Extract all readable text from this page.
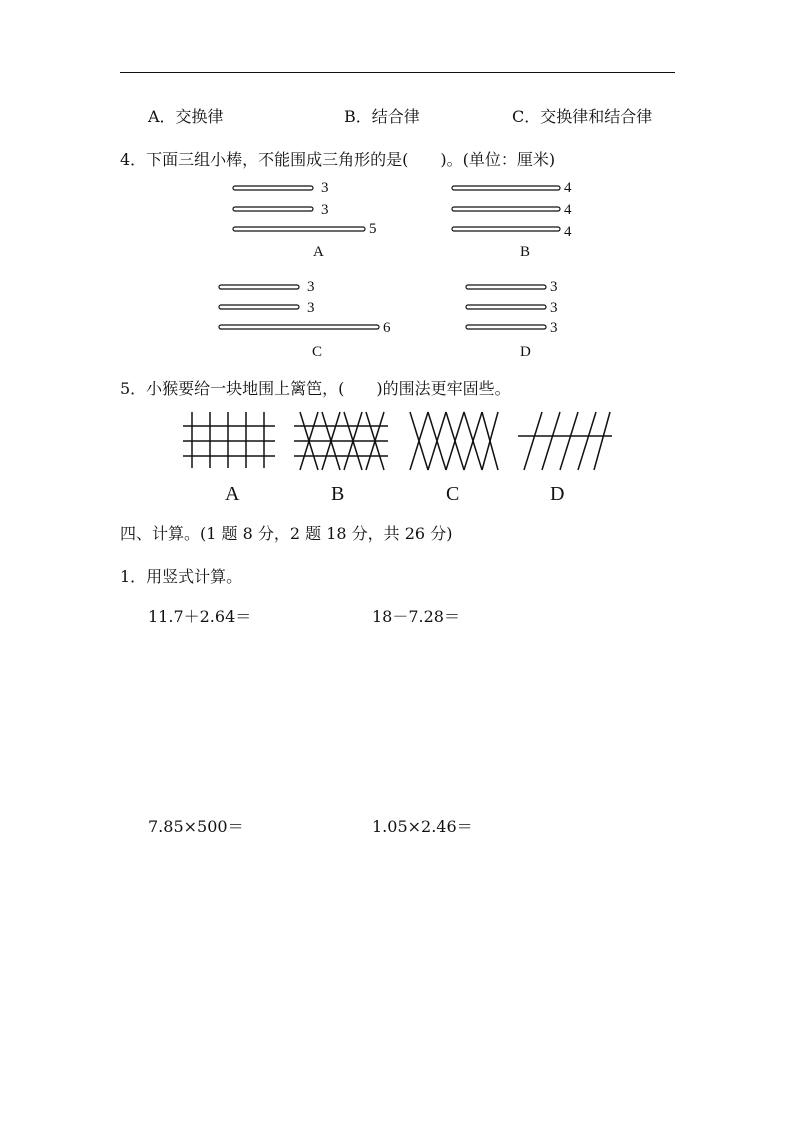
A．交换律	B．结合律	C．交换律和结合律
4．下面三组小棒，不能围成三角形的是(　　)。(单位：厘米)
3
3
5
A
4
4
4
B
3
3
6
C
3
3
3
D
5．小猴要给一块地围上篱笆，(　　)的围法更牢固些。
A	B	C	D
四、计算。(1 题 8 分，2 题 18 分，共 26 分)
1．用竖式计算。
11.7＋2.64＝	18－7.28＝
7.85×500＝	1.05×2.46＝
